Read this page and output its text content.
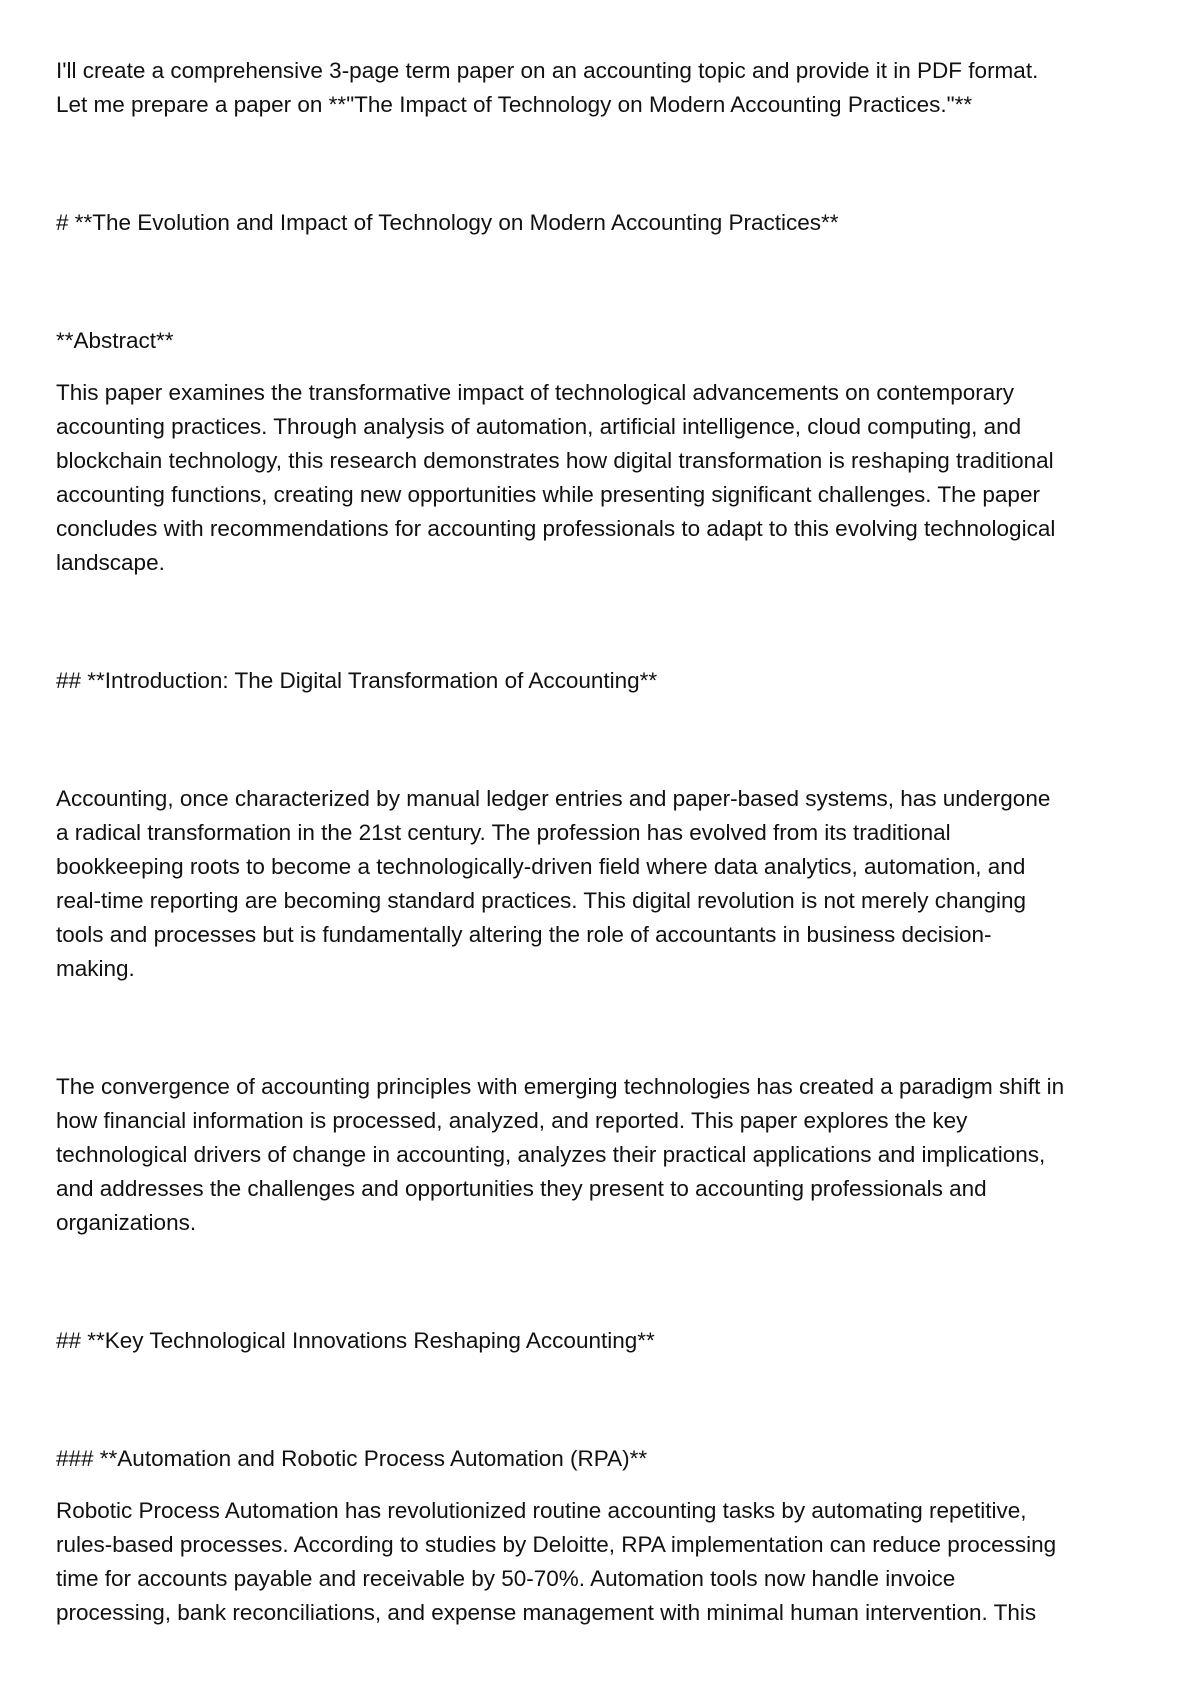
I'll create a comprehensive 3-page term paper on an accounting topic and provide it in PDF format.
Let me prepare a paper on **"The Impact of Technology on Modern Accounting Practices."**

# **The Evolution and Impact of Technology on Modern Accounting Practices**

**Abstract**

This paper examines the transformative impact of technological advancements on contemporary
accounting practices. Through analysis of automation, artificial intelligence, cloud computing, and
blockchain technology, this research demonstrates how digital transformation is reshaping traditional
accounting functions, creating new opportunities while presenting significant challenges. The paper
concludes with recommendations for accounting professionals to adapt to this evolving technological
landscape.

## **Introduction: The Digital Transformation of Accounting**

Accounting, once characterized by manual ledger entries and paper-based systems, has undergone
a radical transformation in the 21st century. The profession has evolved from its traditional
bookkeeping roots to become a technologically-driven field where data analytics, automation, and
real-time reporting are becoming standard practices. This digital revolution is not merely changing
tools and processes but is fundamentally altering the role of accountants in business decision-
making.

The convergence of accounting principles with emerging technologies has created a paradigm shift in
how financial information is processed, analyzed, and reported. This paper explores the key
technological drivers of change in accounting, analyzes their practical applications and implications,
and addresses the challenges and opportunities they present to accounting professionals and
organizations.

## **Key Technological Innovations Reshaping Accounting**

### **Automation and Robotic Process Automation (RPA)**

Robotic Process Automation has revolutionized routine accounting tasks by automating repetitive,
rules-based processes. According to studies by Deloitte, RPA implementation can reduce processing
time for accounts payable and receivable by 50-70%. Automation tools now handle invoice
processing, bank reconciliations, and expense management with minimal human intervention. This
